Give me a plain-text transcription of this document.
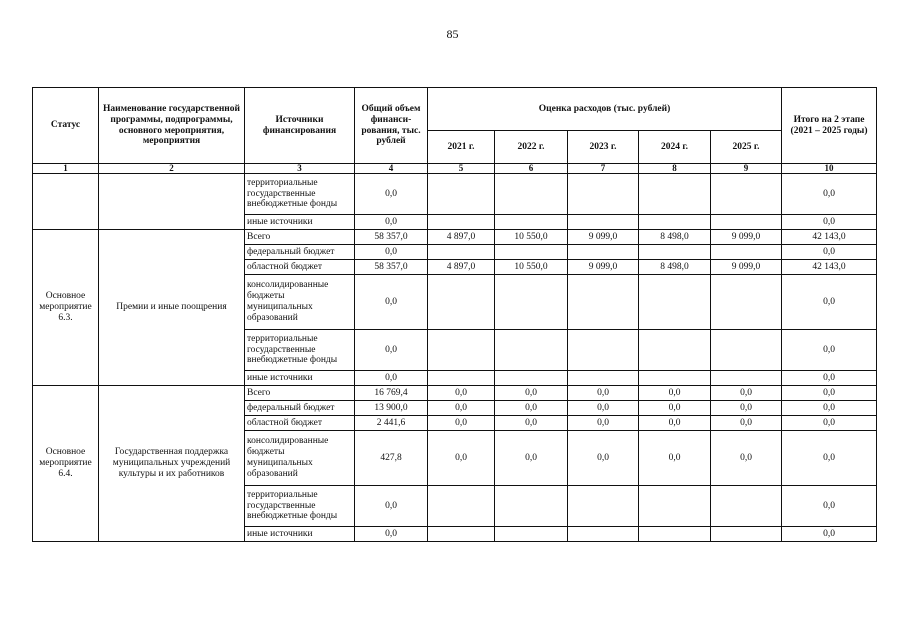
85
Статус	Наименование государственной программы, подпрограммы, основного мероприятия, мероприятия	Источники финансирования	Общий объем финанси-рования, тыс. рублей	Оценка расходов (тыс. рублей)					Итого на 2 этапе (2021 – 2025 годы)
				2021 г.	2022 г.	2023 г.	2024 г.	2025 г.	
1	2	3	4	5	6	7	8	9	10
		территориальные государственные внебюджетные фонды	0,0						0,0
		иные источники	0,0						0,0
Основное мероприятие 6.3.	Премии и иные поощрения	Всего	58 357,0	4 897,0	10 550,0	9 099,0	8 498,0	9 099,0	42 143,0
		федеральный бюджет	0,0						0,0
		областной бюджет	58 357,0	4 897,0	10 550,0	9 099,0	8 498,0	9 099,0	42 143,0
		консолидированные бюджеты муниципальных образований	0,0						0,0
		территориальные государственные внебюджетные фонды	0,0						0,0
		иные источники	0,0						0,0
Основное мероприятие 6.4.	Государственная поддержка муниципальных учреждений культуры и их работников	Всего	16 769,4	0,0	0,0	0,0	0,0	0,0	0,0
		федеральный бюджет	13 900,0	0,0	0,0	0,0	0,0	0,0	0,0
		областной бюджет	2 441,6	0,0	0,0	0,0	0,0	0,0	0,0
		консолидированные бюджеты муниципальных образований	427,8	0,0	0,0	0,0	0,0	0,0	0,0
		территориальные государственные внебюджетные фонды	0,0						0,0
		иные источники	0,0						0,0
